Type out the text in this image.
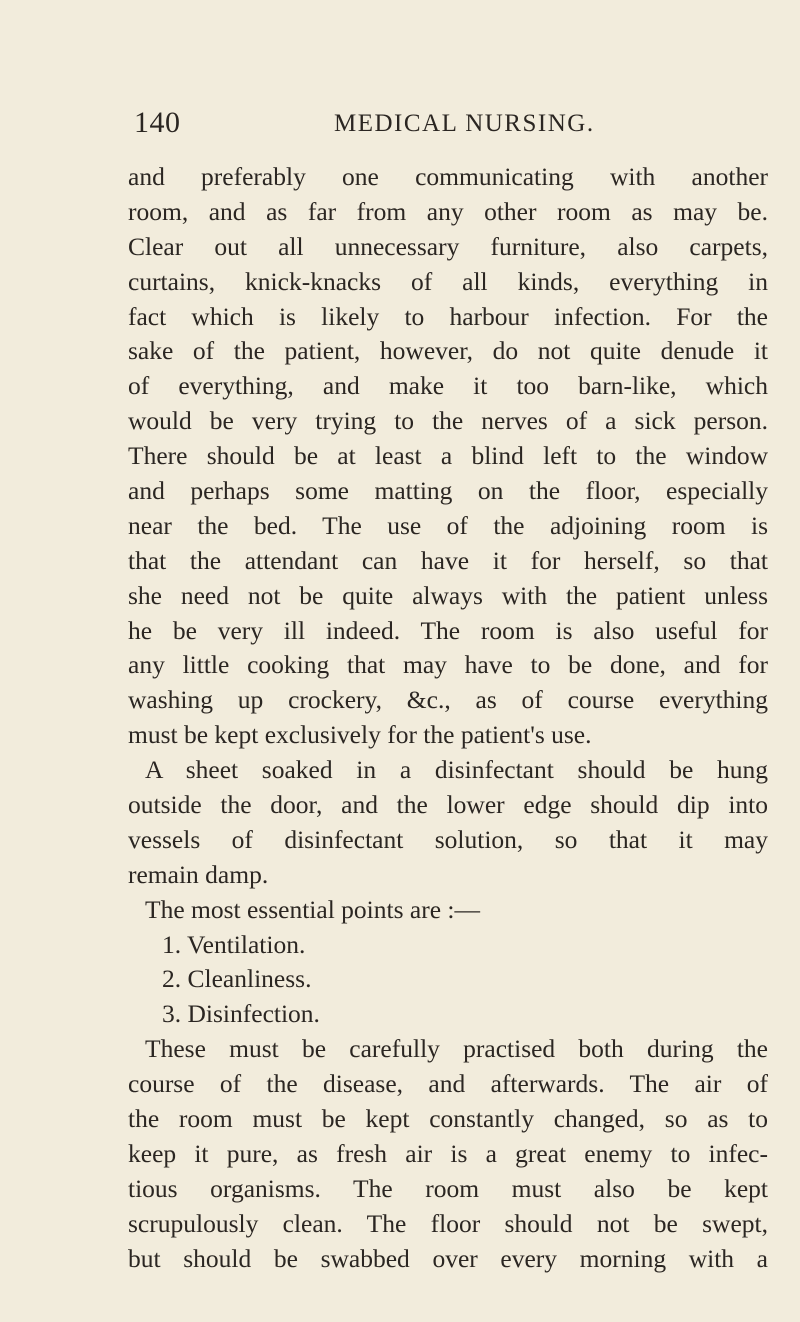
140	MEDICAL NURSING.
and preferably one communicating with another
room, and as far from any other room as may be.
Clear out all unnecessary furniture, also carpets,
curtains, knick-knacks of all kinds, everything in
fact which is likely to harbour infection. For the
sake of the patient, however, do not quite denude it
of everything, and make it too barn-like, which
would be very trying to the nerves of a sick person.
There should be at least a blind left to the window
and perhaps some matting on the floor, especially
near the bed. The use of the adjoining room is
that the attendant can have it for herself, so that
she need not be quite always with the patient unless
he be very ill indeed. The room is also useful for
any little cooking that may have to be done, and for
washing up crockery, &c., as of course everything
must be kept exclusively for the patient's use.
A sheet soaked in a disinfectant should be hung
outside the door, and the lower edge should dip into
vessels of disinfectant solution, so that it may
remain damp.
The most essential points are :—
1. Ventilation.
2. Cleanliness.
3. Disinfection.
These must be carefully practised both during the
course of the disease, and afterwards. The air of
the room must be kept constantly changed, so as to
keep it pure, as fresh air is a great enemy to infec-
tious organisms. The room must also be kept
scrupulously clean. The floor should not be swept,
but should be swabbed over every morning with a
